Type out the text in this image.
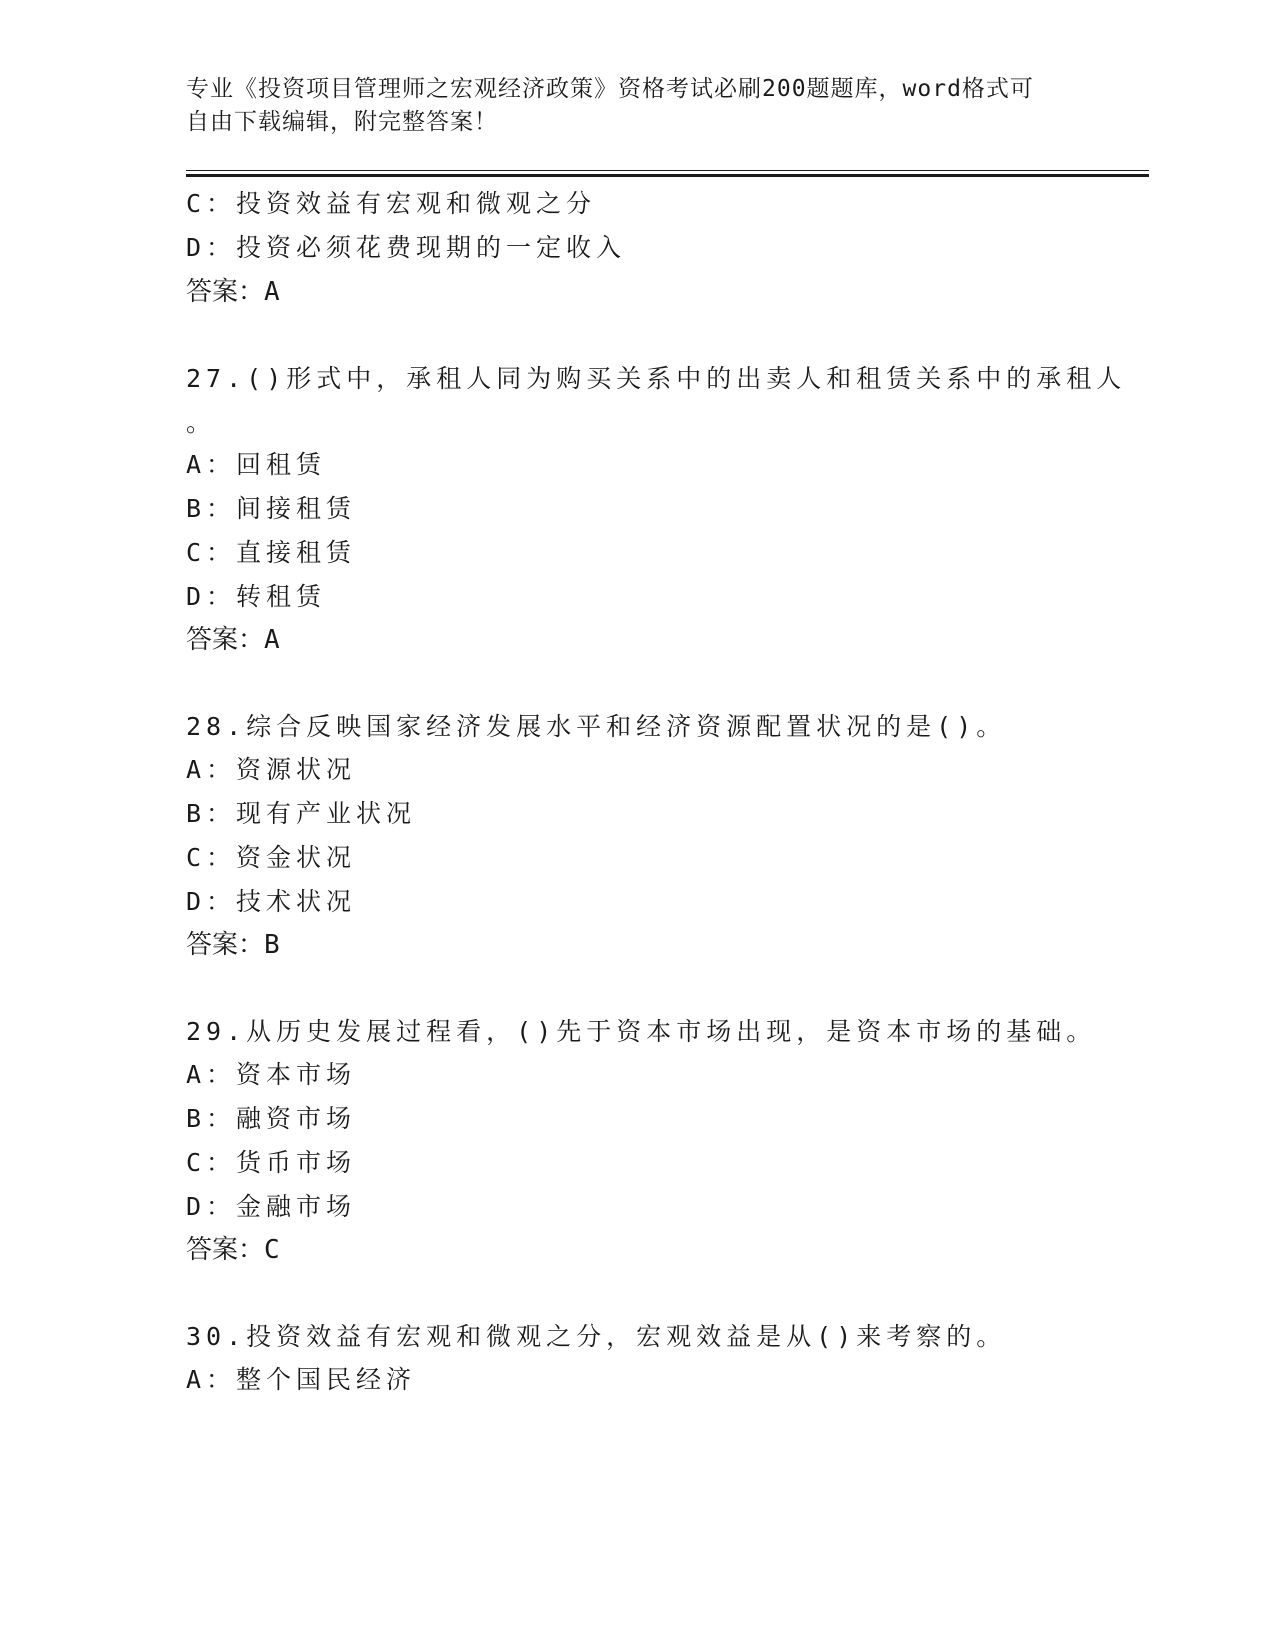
专业《投资项目管理师之宏观经济政策》资格考试必刷200题题库，word格式可
自由下载编辑，附完整答案！
C：投资效益有宏观和微观之分
D：投资必须花费现期的一定收入
答案：A
27.()形式中，承租人同为购买关系中的出卖人和租赁关系中的承租人
。
A：回租赁
B：间接租赁
C：直接租赁
D：转租赁
答案：A
28.综合反映国家经济发展水平和经济资源配置状况的是()。
A：资源状况
B：现有产业状况
C：资金状况
D：技术状况
答案：B
29.从历史发展过程看，()先于资本市场出现，是资本市场的基础。
A：资本市场
B：融资市场
C：货币市场
D：金融市场
答案：C
30.投资效益有宏观和微观之分，宏观效益是从()来考察的。
A：整个国民经济
